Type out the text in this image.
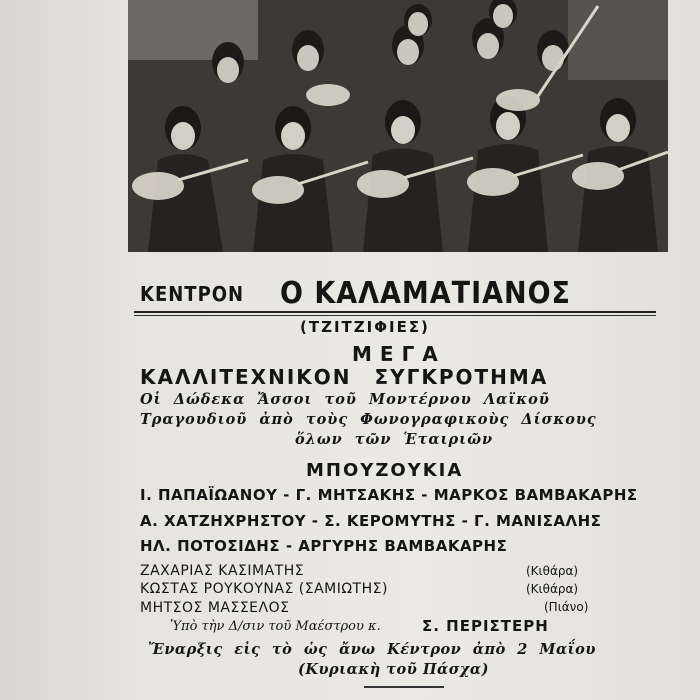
ΚΕΝΤΡΟΝ Ο ΚΑΛΑΜΑΤΙΑΝΟΣ
(ΤΖΙΤΖΙΦΙΕΣ)
ΜΕΓΑ
ΚΑΛΛΙΤΕΧΝΙΚΟΝ ΣΥΓΚΡΟΤΗΜΑ
Οἱ Δώδεκα Ἄσσοι τοῦ Μοντέρνου Λαϊκοῦ
Τραγουδιοῦ ἀπὸ τοὺς Φωνογραφικοὺς Δίσκους
ὅλων τῶν Ἑταιριῶν
ΜΠΟΥΖΟΥΚΙΑ
Ι. ΠΑΠΑΪΩΑΝΟΥ - Γ. ΜΗΤΣΑΚΗΣ - ΜΑΡΚΟΣ ΒΑΜΒΑΚΑΡΗΣ
Α. ΧΑΤΖΗΧΡΗΣΤΟΥ - Σ. ΚΕΡΟΜΥΤΗΣ - Γ. ΜΑΝΙΣΑΛΗΣ
ΗΛ. ΠΟΤΟΣΙΔΗΣ - ΑΡΓΥΡΗΣ ΒΑΜΒΑΚΑΡΗΣ
ΖΑΧΑΡΙΑΣ ΚΑΣΙΜΑΤΗΣ	(Κιθάρα)
ΚΩΣΤΑΣ ΡΟΥΚΟΥΝΑΣ (ΣΑΜΙΩΤΗΣ)	(Κιθάρα)
ΜΗΤΣΟΣ ΜΑΣΣΕΛΟΣ	(Πιάνο)
Ὑπὸ τὴν Δ/σιν τοῦ Μαέστρου κ.	Σ. ΠΕΡΙΣΤΕΡΗ
Ἔναρξις εἰς τὸ ὡς ἄνω Κέντρον ἀπὸ 2 Μαΐου
(Κυριακὴ τοῦ Πάσχα)
